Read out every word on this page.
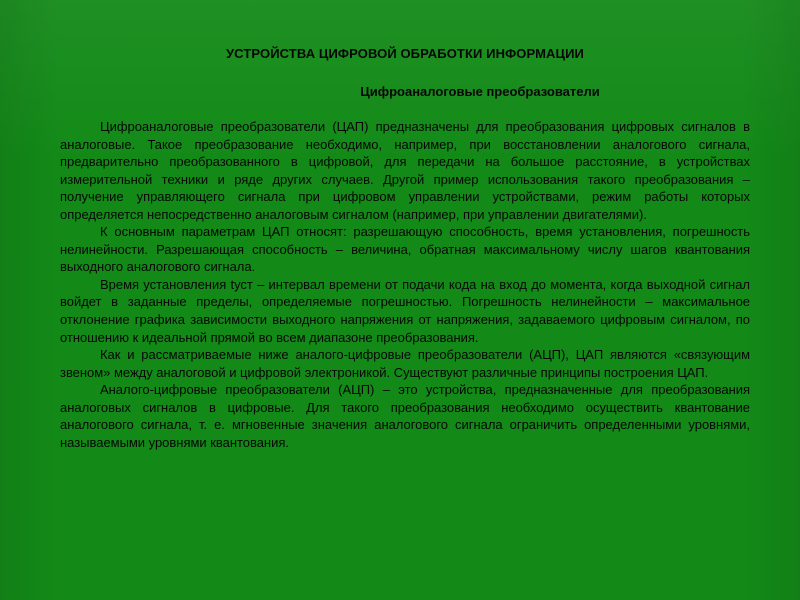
УСТРОЙСТВА ЦИФРОВОЙ ОБРАБОТКИ ИНФОРМАЦИИ
Цифроаналоговые преобразователи

Цифроаналоговые преобразователи (ЦАП) предназначены для преобразования цифровых сигналов в аналоговые. Такое преобразование необходимо, например, при восстановлении аналогового сигнала, предварительно преобразованного в цифровой, для передачи на большое расстояние, в устройствах измерительной техники и ряде других случаев. Другой пример использования такого преобразования – получение управляющего сигнала при цифровом управлении устройствами, режим работы которых определяется непосредственно аналоговым сигналом (например, при управлении двигателями).

К основным параметрам ЦАП относят: разрешающую способность, время установления, погрешность нелинейности. Разрешающая способность – величина, обратная максимальному числу шагов квантования выходного аналогового сигнала.

Время установления tуст – интервал времени от подачи кода на вход до момента, когда выходной сигнал войдет в заданные пределы, определяемые погрешностью. Погрешность нелинейности – максимальное отклонение графика зависимости выходного напряжения от напряжения, задаваемого цифровым сигналом, по отношению к идеальной прямой во всем диапазоне преобразования.

Как и рассматриваемые ниже аналого-цифровые преобразователи (АЦП), ЦАП являются «связующим звеном» между аналоговой и цифровой электроникой. Существуют различные принципы построения ЦАП.

Аналого-цифровые преобразователи (АЦП) – это устройства, предназначенные для преобразования аналоговых сигналов в цифровые. Для такого преобразования необходимо осуществить квантование аналогового сигнала, т. е. мгновенные значения аналогового сигнала ограничить определенными уровнями, называемыми уровнями квантования.
